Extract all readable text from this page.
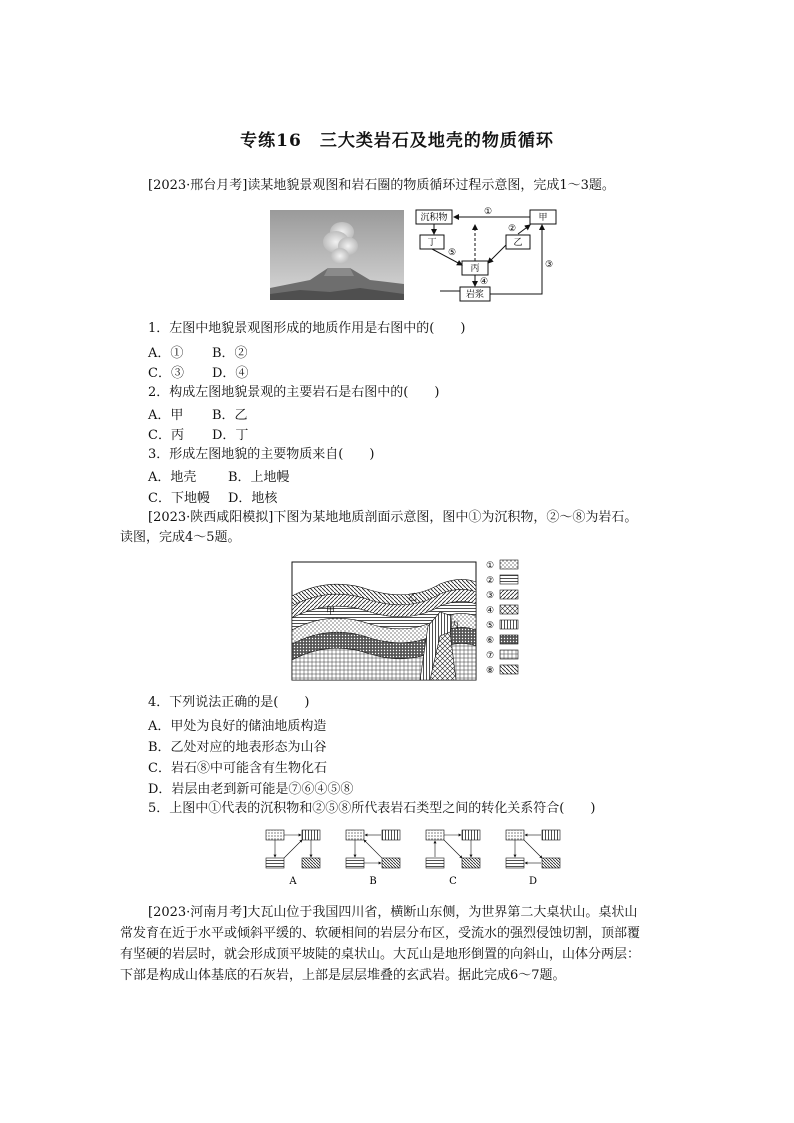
专练16　三大类岩石及地壳的物质循环
[2023·邢台月考]读某地貌景观图和岩石圈的物质循环过程示意图，完成1～3题。
沉积物	甲
丁	乙
丙
岩浆
①
②
⑤
④
③
1．左图中地貌景观图形成的地质作用是右图中的(　　)
A．① B．②
C．③ D．④
2．构成左图地貌景观的主要岩石是右图中的(　　)
A．甲 B．乙
C．丙 D．丁
3．形成左图地貌的主要物质来自(　　)
A．地壳 B．上地幔
C．下地幔 D．地核
[2023·陕西咸阳模拟]下图为某地地质剖面示意图，图中①为沉积物，②～⑧为岩石。
读图，完成4～5题。
甲
乙
丙
①
②
③
④
⑤
⑥
⑦
⑧
4．下列说法正确的是(　　)
A．甲处为良好的储油地质构造
B．乙处对应的地表形态为山谷
C．岩石⑧中可能含有生物化石
D．岩层由老到新可能是⑦⑥④⑤⑧
5．上图中①代表的沉积物和②⑤⑧所代表岩石类型之间的转化关系符合(　　)
A	B	C	D
[2023·河南月考]大瓦山位于我国四川省，横断山东侧，为世界第二大桌状山。桌状山
常发育在近于水平或倾斜平缓的、软硬相间的岩层分布区，受流水的强烈侵蚀切割，顶部覆
有坚硬的岩层时，就会形成顶平坡陡的桌状山。大瓦山是地形倒置的向斜山，山体分两层：
下部是构成山体基底的石灰岩，上部是层层堆叠的玄武岩。据此完成6～7题。
